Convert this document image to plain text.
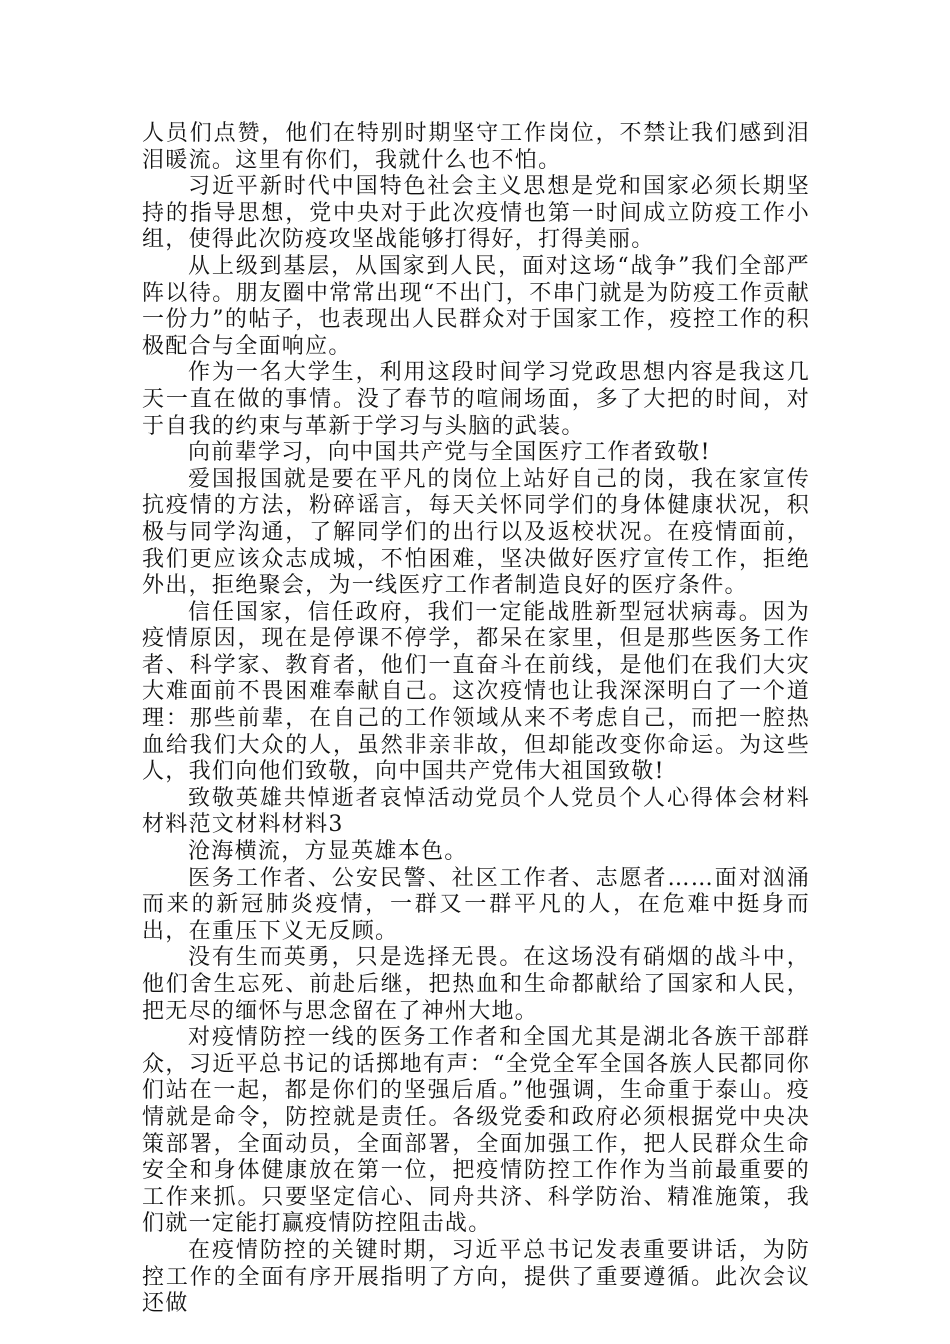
人员们点赞，他们在特别时期坚守工作岗位，不禁让我们感到泪泪暖流。这里有你们，我就什么也不怕。

习近平新时代中国特色社会主义思想是党和国家必须长期坚持的指导思想，党中央对于此次疫情也第一时间成立防疫工作小组，使得此次防疫攻坚战能够打得好，打得美丽。

从上级到基层，从国家到人民，面对这场“战争”我们全部严阵以待。朋友圈中常常出现“不出门，不串门就是为防疫工作贡献一份力”的帖子，也表现出人民群众对于国家工作，疫控工作的积极配合与全面响应。

作为一名大学生，利用这段时间学习党政思想内容是我这几天一直在做的事情。没了春节的喧闹场面，多了大把的时间，对于自我的约束与革新于学习与头脑的武装。

向前辈学习，向中国共产党与全国医疗工作者致敬!

爱国报国就是要在平凡的岗位上站好自己的岗，我在家宣传抗疫情的方法，粉碎谣言，每天关怀同学们的身体健康状况，积极与同学沟通，了解同学们的出行以及返校状况。在疫情面前，我们更应该众志成城，不怕困难，坚决做好医疗宣传工作，拒绝外出，拒绝聚会，为一线医疗工作者制造良好的医疗条件。

信任国家，信任政府，我们一定能战胜新型冠状病毒。因为疫情原因，现在是停课不停学，都呆在家里，但是那些医务工作者、科学家、教育者，他们一直奋斗在前线，是他们在我们大灾大难面前不畏困难奉献自己。这次疫情也让我深深明白了一个道理：那些前辈，在自己的工作领域从来不考虑自己，而把一腔热血给我们大众的人，虽然非亲非故，但却能改变你命运。为这些人，我们向他们致敬，向中国共产党伟大祖国致敬!

致敬英雄共悼逝者哀悼活动党员个人党员个人心得体会材料材料范文材料材料3

沧海横流，方显英雄本色。

医务工作者、公安民警、社区工作者、志愿者……面对汹涌而来的新冠肺炎疫情，一群又一群平凡的人，在危难中挺身而出，在重压下义无反顾。

没有生而英勇，只是选择无畏。在这场没有硝烟的战斗中，他们舍生忘死、前赴后继，把热血和生命都献给了国家和人民，把无尽的缅怀与思念留在了神州大地。

对疫情防控一线的医务工作者和全国尤其是湖北各族干部群众，习近平总书记的话掷地有声：“全党全军全国各族人民都同你们站在一起，都是你们的坚强后盾。”他强调，生命重于泰山。疫情就是命令，防控就是责任。各级党委和政府必须根据党中央决策部署，全面动员，全面部署，全面加强工作，把人民群众生命安全和身体健康放在第一位，把疫情防控工作作为当前最重要的工作来抓。只要坚定信心、同舟共济、科学防治、精准施策，我们就一定能打赢疫情防控阻击战。

在疫情防控的关键时期，习近平总书记发表重要讲话，为防控工作的全面有序开展指明了方向，提供了重要遵循。此次会议还做
